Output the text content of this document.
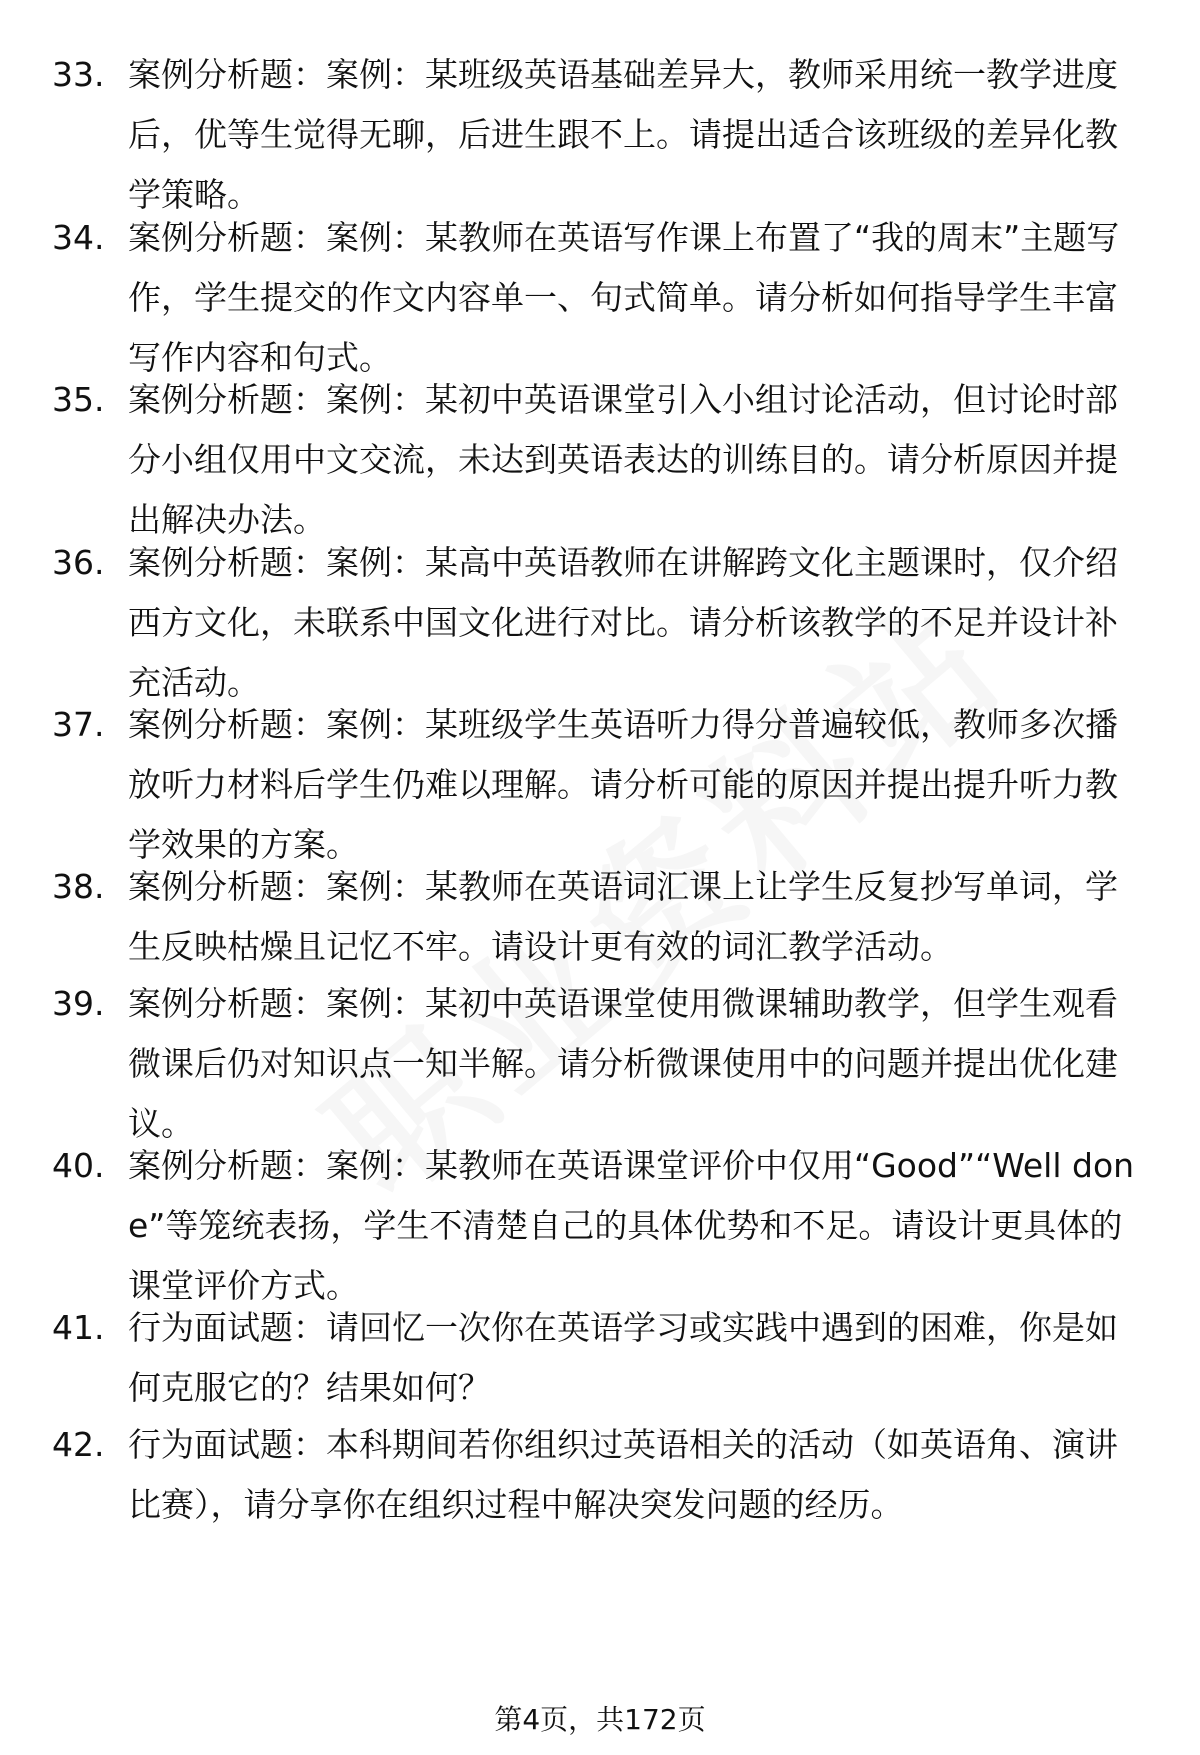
33. 案例分析题：案例：某班级英语基础差异大，教师采用统一教学进度后，优等生觉得无聊，后进生跟不上。请提出适合该班级的差异化教学策略。
34. 案例分析题：案例：某教师在英语写作课上布置了“我的周末”主题写作，学生提交的作文内容单一、句式简单。请分析如何指导学生丰富写作内容和句式。
35. 案例分析题：案例：某初中英语课堂引入小组讨论活动，但讨论时部分小组仅用中文交流，未达到英语表达的训练目的。请分析原因并提出解决办法。
36. 案例分析题：案例：某高中英语教师在讲解跨文化主题课时，仅介绍西方文化，未联系中国文化进行对比。请分析该教学的不足并设计补充活动。
37. 案例分析题：案例：某班级学生英语听力得分普遍较低，教师多次播放听力材料后学生仍难以理解。请分析可能的原因并提出提升听力教学效果的方案。
38. 案例分析题：案例：某教师在英语词汇课上让学生反复抄写单词，学生反映枯燥且记忆不牢。请设计更有效的词汇教学活动。
39. 案例分析题：案例：某初中英语课堂使用微课辅助教学，但学生观看微课后仍对知识点一知半解。请分析微课使用中的问题并提出优化建议。
40. 案例分析题：案例：某教师在英语课堂评价中仅用“Good”“Well done”等笼统表扬，学生不清楚自己的具体优势和不足。请设计更具体的课堂评价方式。
41. 行为面试题：请回忆一次你在英语学习或实践中遇到的困难，你是如何克服它的？结果如何？
42. 行为面试题：本科期间若你组织过英语相关的活动（如英语角、演讲比赛），请分享你在组织过程中解决突发问题的经历。
第4页，共172页
